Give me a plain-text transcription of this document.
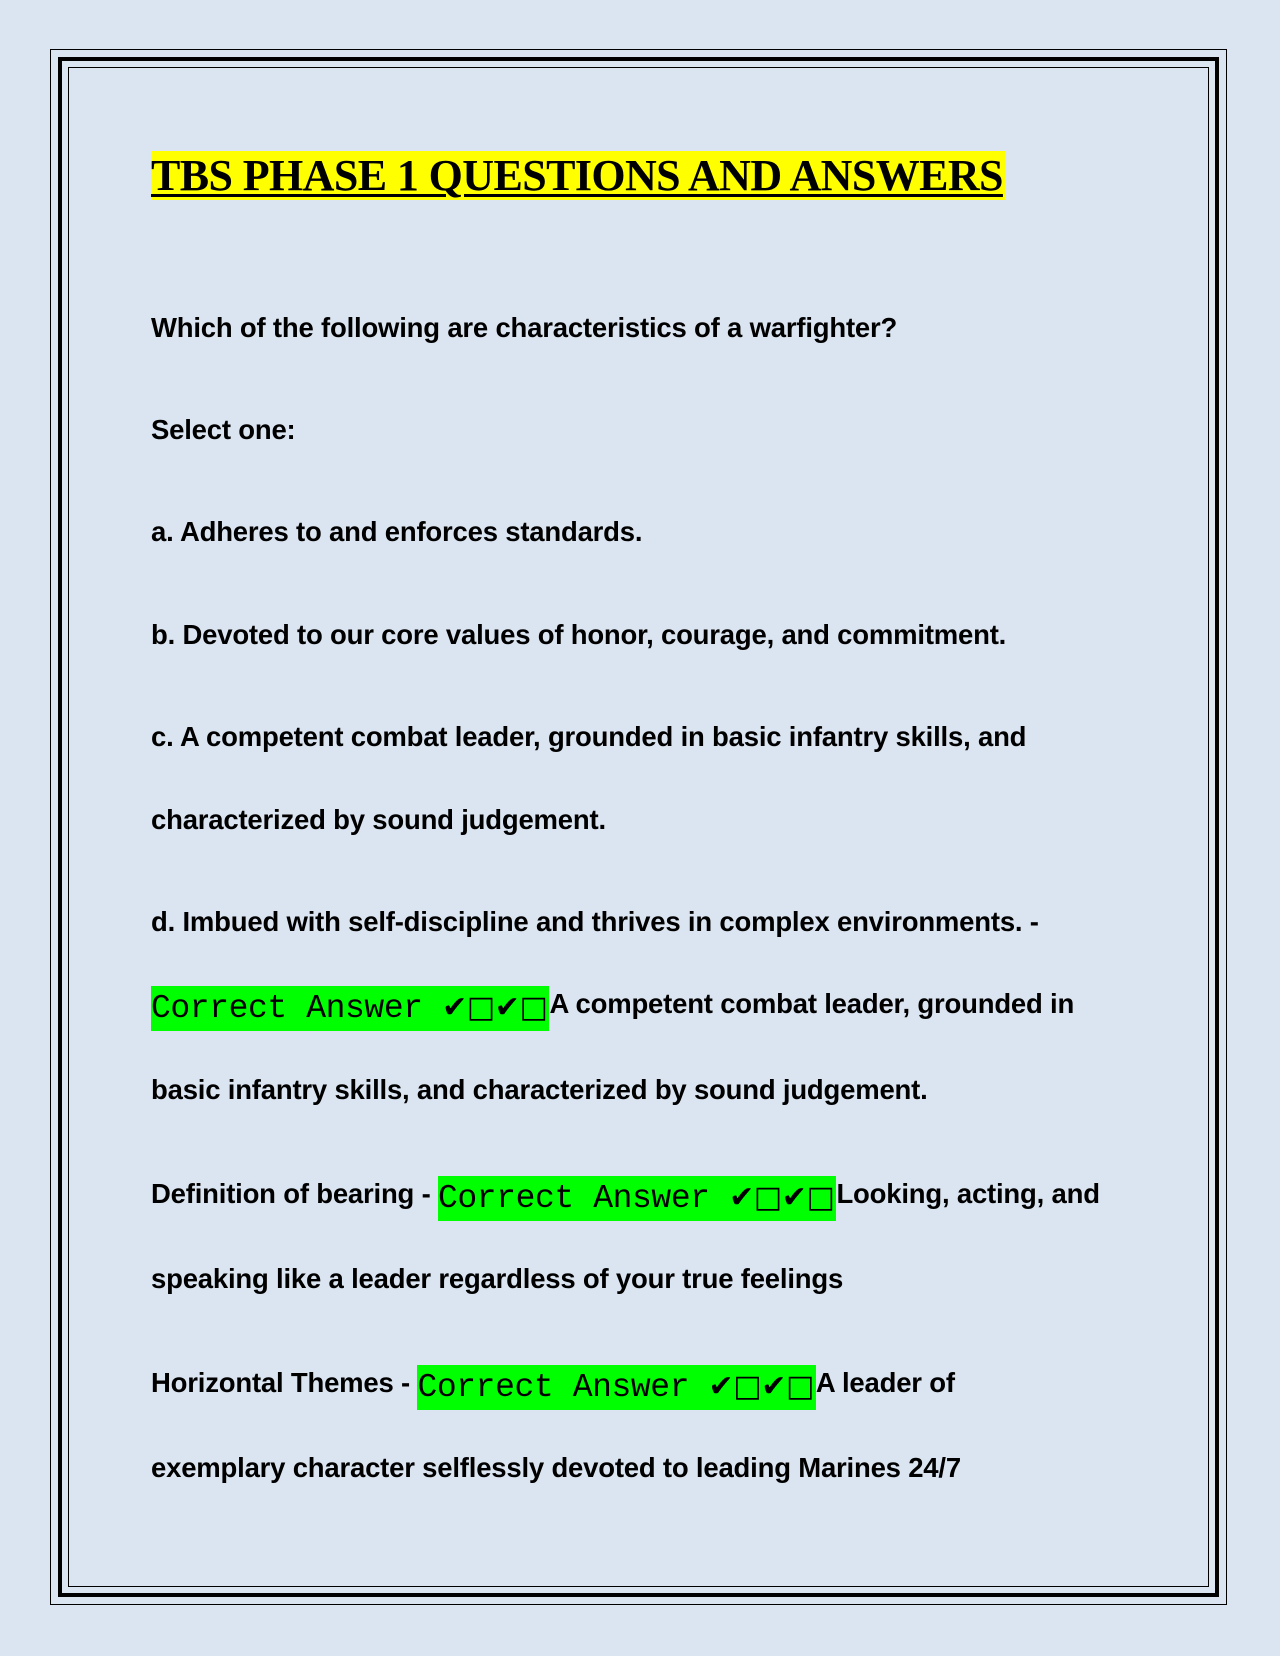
TBS PHASE 1 QUESTIONS AND ANSWERS

Which of the following are characteristics of a warfighter?

Select one:

a. Adheres to and enforces standards.

b. Devoted to our core values of honor, courage, and commitment.

c. A competent combat leader, grounded in basic infantry skills, and

characterized by sound judgement.

d. Imbued with self-discipline and thrives in complex environments. -

Correct Answer ✔□✔□A competent combat leader, grounded in

basic infantry skills, and characterized by sound judgement.

Definition of bearing - Correct Answer ✔□✔□Looking, acting, and

speaking like a leader regardless of your true feelings

Horizontal Themes - Correct Answer ✔□✔□A leader of

exemplary character selflessly devoted to leading Marines 24/7
